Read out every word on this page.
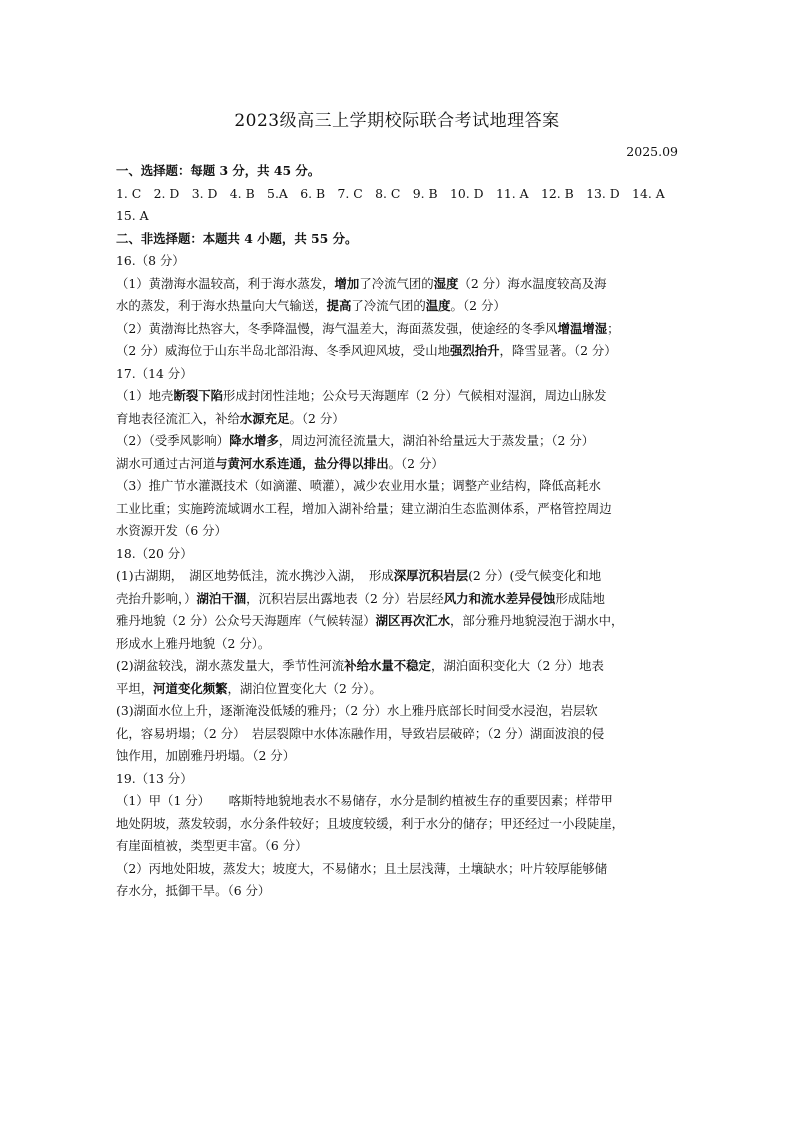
2023级高三上学期校际联合考试地理答案
2025.09
一、选择题：每题 3 分，共 45 分。
1. C　2. D　3. D　4. B　5.A　6. B　7. C　8. C　9. B　10. D　11. A　12. B　13. D　14. A
15. A
二、非选择题：本题共 4 小题，共 55 分。
16.（8 分）
（1）黄渤海水温较高，利于海水蒸发，增加了冷流气团的湿度（2 分）海水温度较高及海
水的蒸发，利于海水热量向大气输送，提高了冷流气团的温度。（2 分）
（2）黄渤海比热容大，冬季降温慢，海气温差大，海面蒸发强，使途经的冬季风增温增湿；
（2 分）威海位于山东半岛北部沿海、冬季风迎风坡，受山地强烈抬升，降雪显著。（2 分）
17.（14 分）
（1）地壳断裂下陷形成封闭性洼地；公众号天海题库（2 分）气候相对湿润，周边山脉发
育地表径流汇入，补给水源充足。（2 分）
（2）（受季风影响）降水增多，周边河流径流量大，湖泊补给量远大于蒸发量；（2 分）
湖水可通过古河道与黄河水系连通，盐分得以排出。（2 分）
（3）推广节水灌溉技术（如滴灌、喷灌），减少农业用水量；调整产业结构，降低高耗水
工业比重；实施跨流域调水工程，增加入湖补给量；建立湖泊生态监测体系，严格管控周边
水资源开发（6 分）
18.（20 分）
(1)古湖期，　湖区地势低洼，流水携沙入湖，　形成深厚沉积岩层(2 分）(受气候变化和地
壳抬升影响，）湖泊干涸，沉积岩层出露地表（2 分）岩层经风力和流水差异侵蚀形成陆地
雅丹地貌（2 分）公众号天海题库（气候转湿）湖区再次汇水，部分雅丹地貌浸泡于湖水中，
形成水上雅丹地貌（2 分）。
(2)湖盆较浅，湖水蒸发量大，季节性河流补给水量不稳定，湖泊面积变化大（2 分）地表
平坦，河道变化频繁，湖泊位置变化大（2 分）。
(3)湖面水位上升，逐渐淹没低矮的雅丹；（2 分）水上雅丹底部长时间受水浸泡，岩层软
化，容易坍塌；（2 分）　岩层裂隙中水体冻融作用，导致岩层破碎；（2 分）湖面波浪的侵
蚀作用，加剧雅丹坍塌。（2 分）
19.（13 分）
（1）甲（1 分）　　喀斯特地貌地表水不易储存，水分是制约植被生存的重要因素；样带甲
地处阴坡，蒸发较弱，水分条件较好；且坡度较缓，利于水分的储存；甲还经过一小段陡崖，
有崖面植被，类型更丰富。（6 分）
（2）丙地处阳坡，蒸发大；坡度大，不易储水；且土层浅薄，土壤缺水；叶片较厚能够储
存水分，抵御干旱。（6 分）
